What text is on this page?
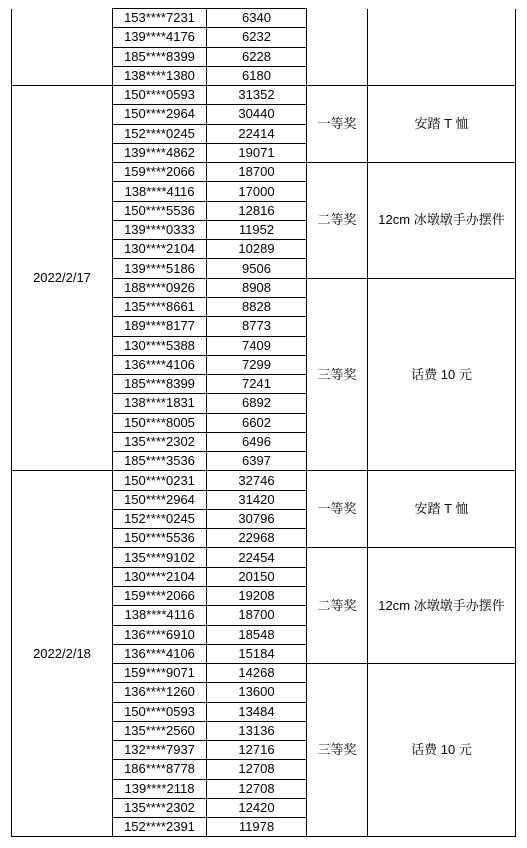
	153****7231	6340		
	139****4176	6232		
	185****8399	6228		
	138****1380	6180		
2022/2/17	150****0593	31352	一等奖	安踏 T 恤
	150****2964	30440		
	152****0245	22414		
	139****4862	19071		
	159****2066	18700	二等奖	12cm 冰墩墩手办摆件
	138****4116	17000		
	150****5536	12816		
	139****0333	11952		
	130****2104	10289		
	139****5186	9506		
	188****0926	8908	三等奖	话费 10 元
	135****8661	8828		
	189****8177	8773		
	130****5388	7409		
	136****4106	7299		
	185****8399	7241		
	138****1831	6892		
	150****8005	6602		
	135****2302	6496		
	185****3536	6397		
2022/2/18	150****0231	32746	一等奖	安踏 T 恤
	150****2964	31420		
	152****0245	30796		
	150****5536	22968		
	135****9102	22454	二等奖	12cm 冰墩墩手办摆件
	130****2104	20150		
	159****2066	19208		
	138****4116	18700		
	136****6910	18548		
	136****4106	15184		
	159****9071	14268	三等奖	话费 10 元
	136****1260	13600		
	150****0593	13484		
	135****2560	13136		
	132****7937	12716		
	186****8778	12708		
	139****2118	12708		
	135****2302	12420		
	152****2391	11978		
